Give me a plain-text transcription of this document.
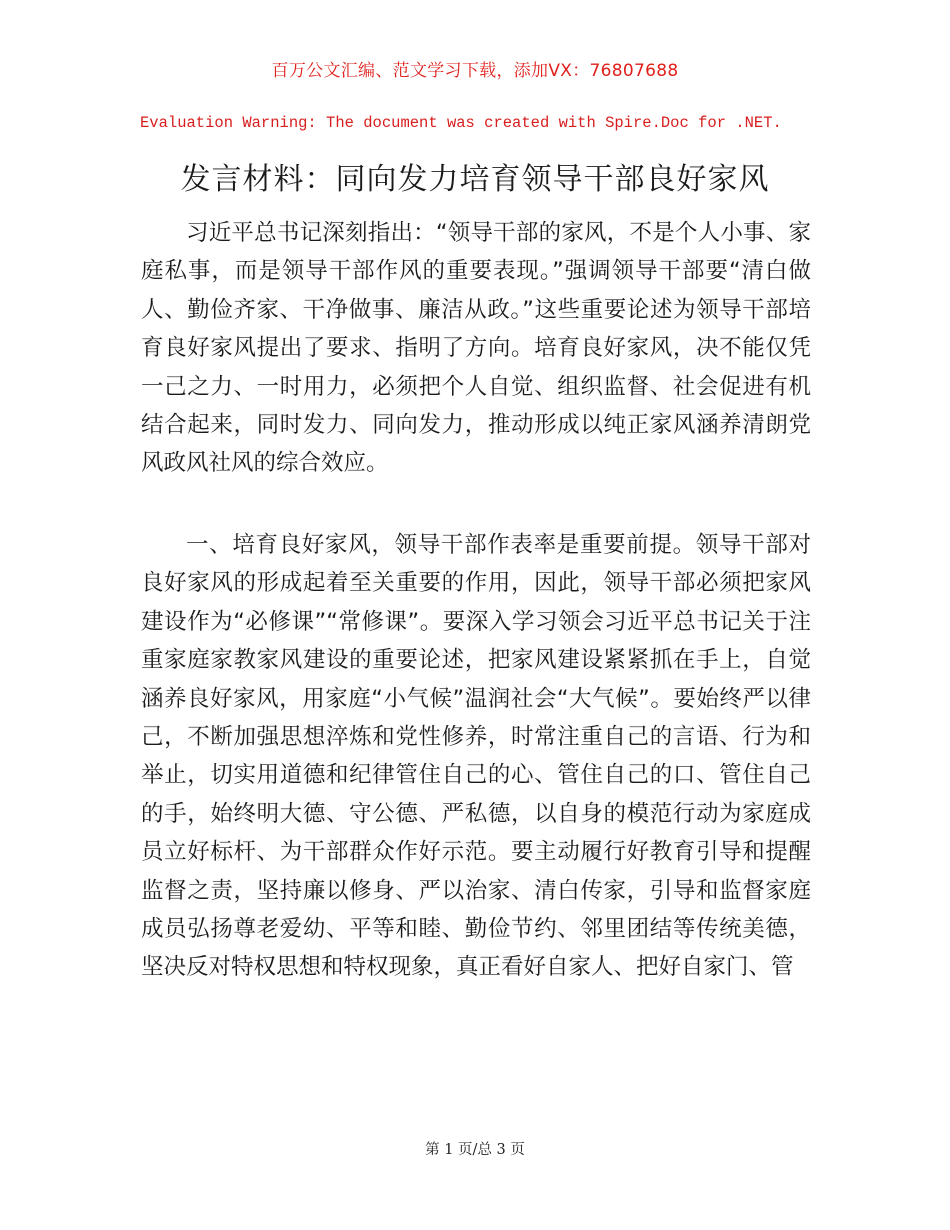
百万公文汇编、范文学习下载，添加VX：76807688
Evaluation Warning: The document was created with Spire.Doc for .NET.
发言材料：同向发力培育领导干部良好家风

习近平总书记深刻指出：“领导干部的家风，不是个人小事、家庭私事，而是领导干部作风的重要表现。”强调领导干部要“清白做人、勤俭齐家、干净做事、廉洁从政。”这些重要论述为领导干部培育良好家风提出了要求、指明了方向。培育良好家风，决不能仅凭一己之力、一时用力，必须把个人自觉、组织监督、社会促进有机结合起来，同时发力、同向发力，推动形成以纯正家风涵养清朗党风政风社风的综合效应。

一、培育良好家风，领导干部作表率是重要前提。领导干部对良好家风的形成起着至关重要的作用，因此，领导干部必须把家风建设作为“必修课”“常修课”。要深入学习领会习近平总书记关于注重家庭家教家风建设的重要论述，把家风建设紧紧抓在手上，自觉涵养良好家风，用家庭“小气候”温润社会“大气候”。要始终严以律己，不断加强思想淬炼和党性修养，时常注重自己的言语、行为和举止，切实用道德和纪律管住自己的心、管住自己的口、管住自己的手，始终明大德、守公德、严私德，以自身的模范行动为家庭成员立好标杆、为干部群众作好示范。要主动履行好教育引导和提醒监督之责，坚持廉以修身、严以治家、清白传家，引导和监督家庭成员弘扬尊老爱幼、平等和睦、勤俭节约、邻里团结等传统美德，坚决反对特权思想和特权现象，真正看好自家人、把好自家门、管

第 1 页/总 3 页
